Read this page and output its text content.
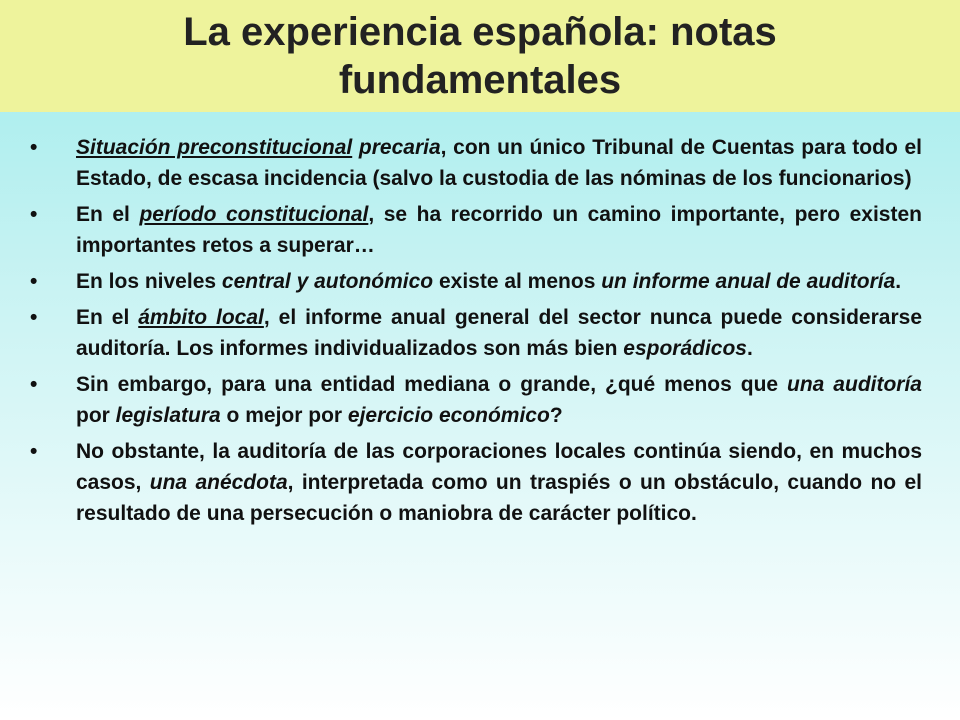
La experiencia española: notas fundamentales
•	Situación preconstitucional precaria, con un único Tribunal de Cuentas para todo el Estado, de escasa incidencia (salvo la custodia de las nóminas de los funcionarios)
•	En el período constitucional, se ha recorrido un camino importante, pero existen importantes retos a superar…
•	En los niveles central y autonómico existe al menos un informe anual de auditoría.
•	En el ámbito local, el informe anual general del sector nunca puede considerarse auditoría. Los informes individualizados son más bien esporádicos.
•	Sin embargo, para una entidad mediana o grande, ¿qué menos que una auditoría por legislatura o mejor por ejercicio económico?
•	No obstante, la auditoría de las corporaciones locales continúa siendo, en muchos casos, una anécdota, interpretada como un traspiés o un obstáculo, cuando no el resultado de una persecución o maniobra de carácter político.
